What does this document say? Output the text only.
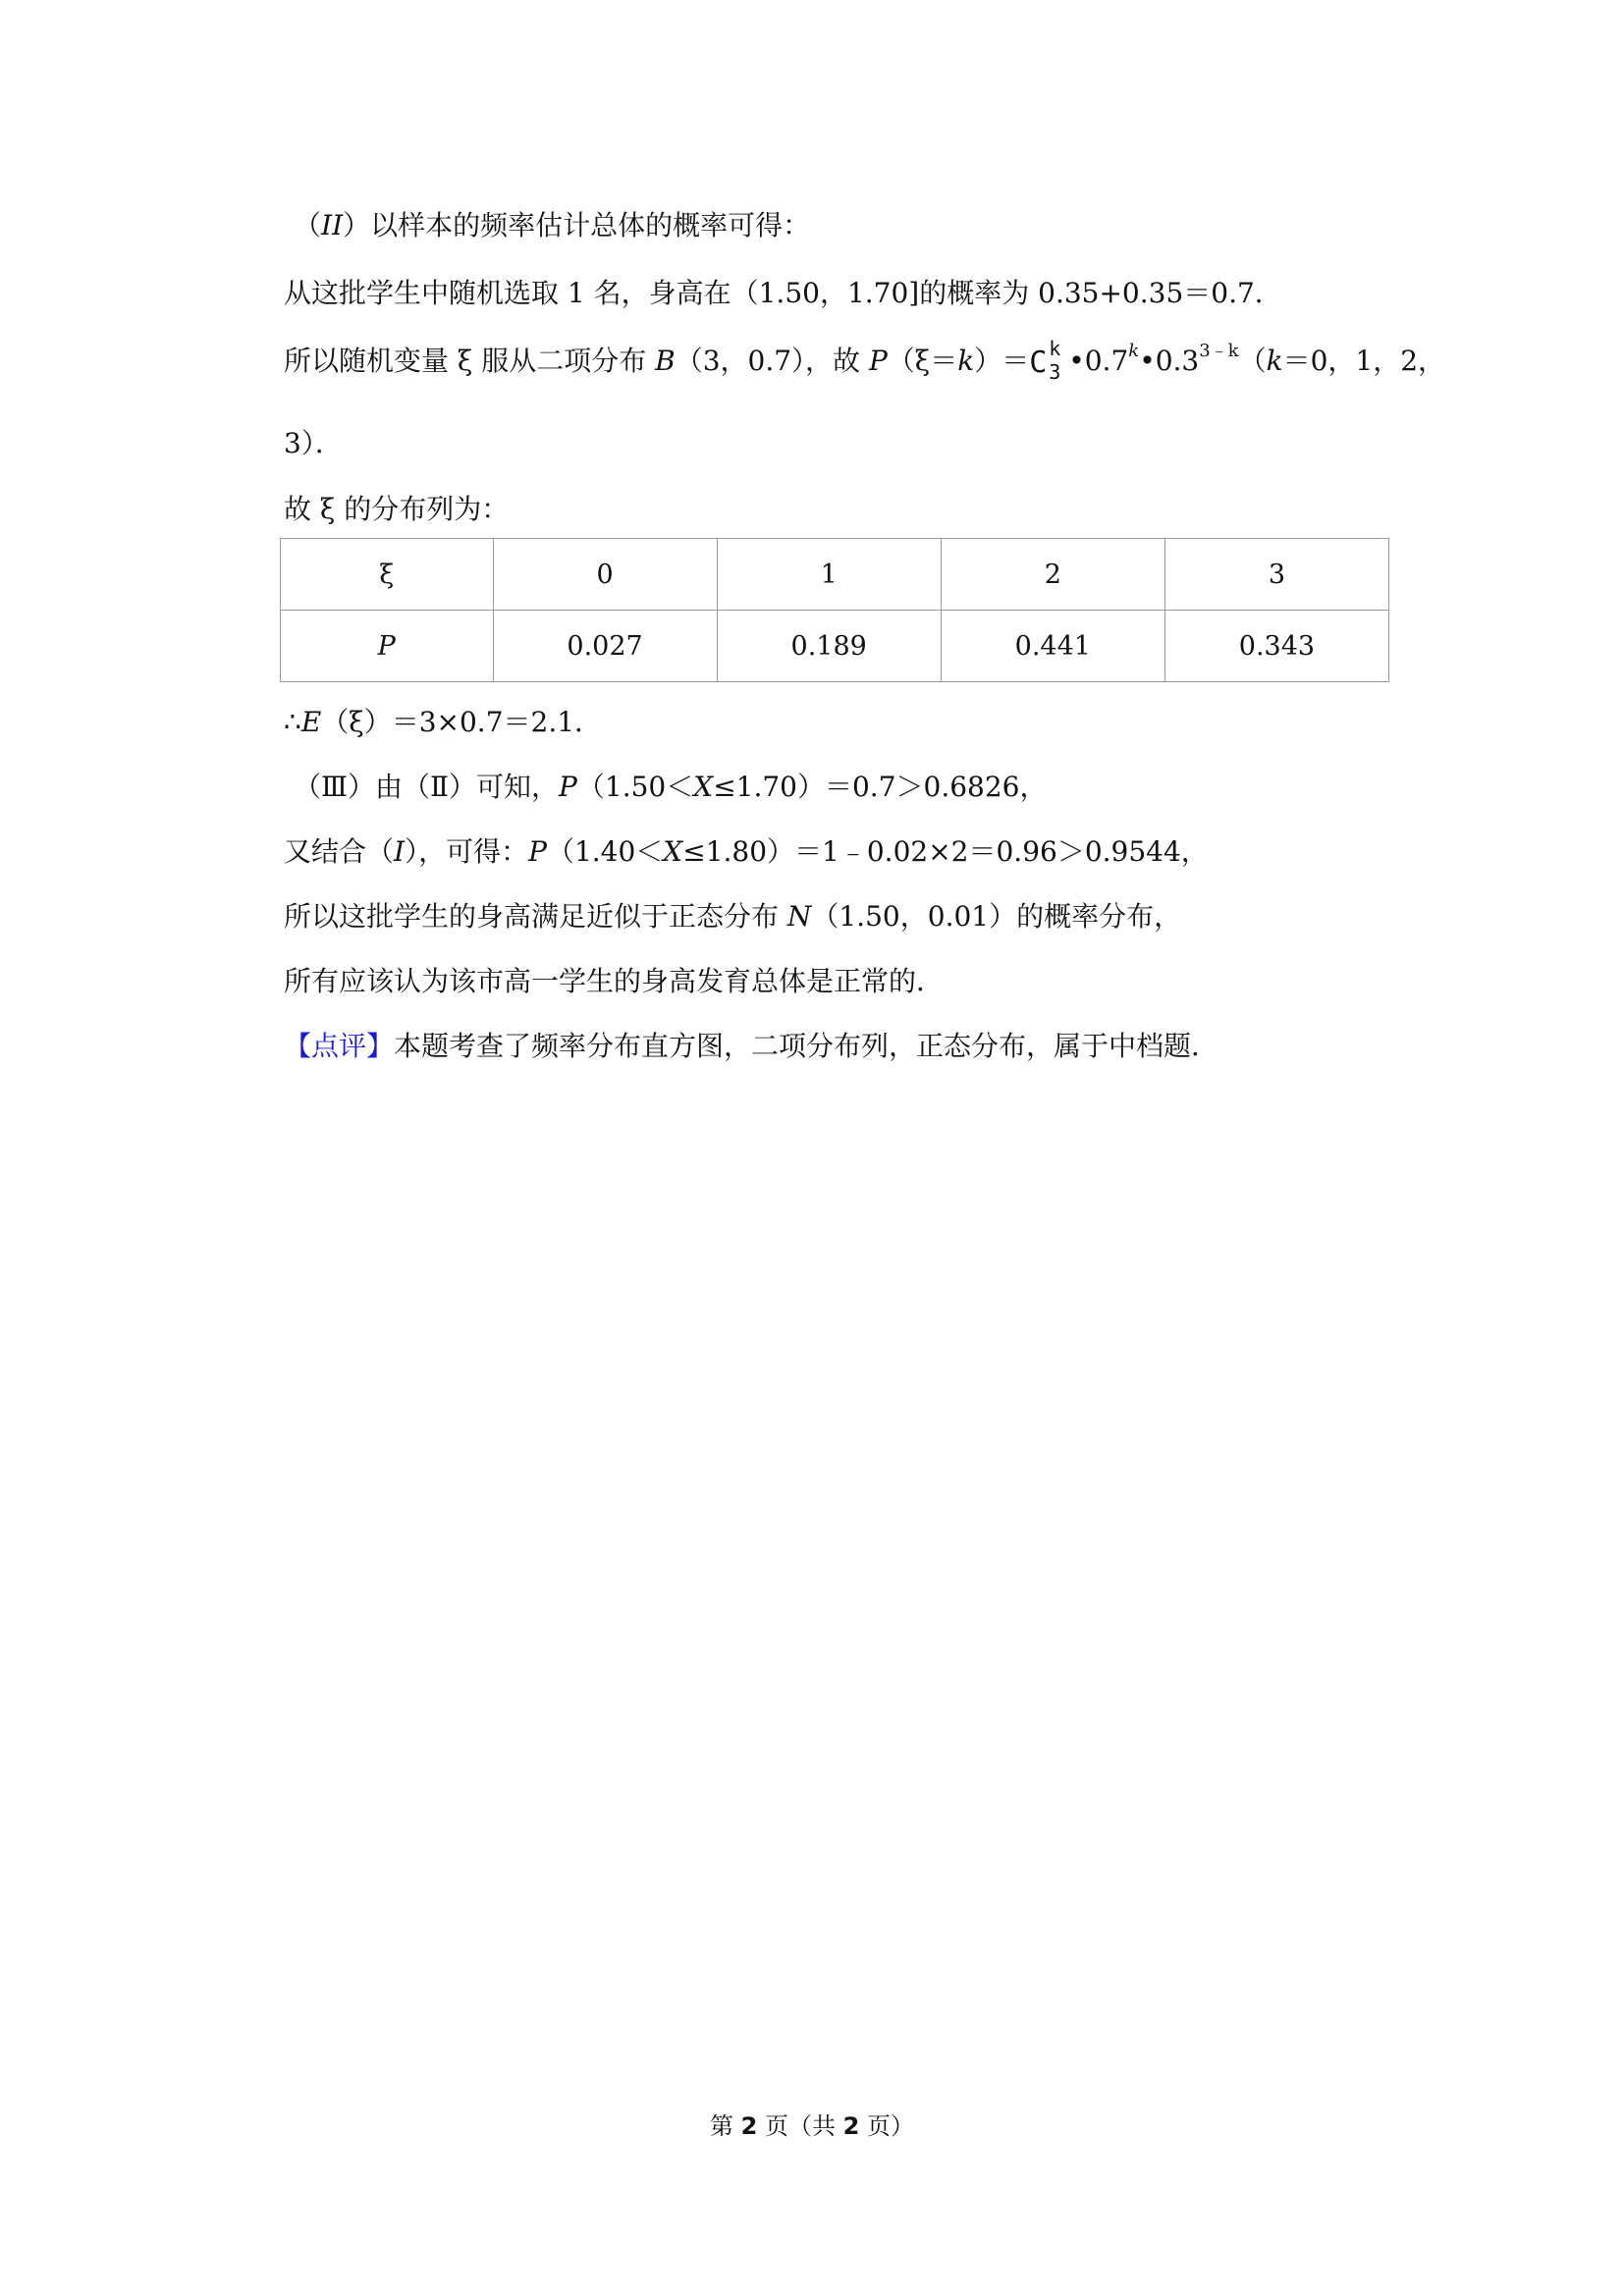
（II）以样本的频率估计总体的概率可得：
从这批学生中随机选取 1 名，身高在（1.50，1.70]的概率为 0.35+0.35＝0.7．
所以随机变量 ξ 服从二项分布 B（3，0.7），故 P（ξ＝k）＝ C k
3 $•0.7^k•0.3^{3﹣k}(k=0$，1，2，
3）．
故 ξ 的分布列为：
ξ	0	1	2	3
P	0.027	0.189	0.441	0.343
∴E（ξ）＝3×0.7＝2.1．
（Ⅲ）由（Ⅱ）可知，P（1.50＜X≤1.70）＝0.7＞0.6826，
又结合（I），可得：P（1.40＜X≤1.80）＝1﹣0.02×2＝0.96＞0.9544，
所以这批学生的身高满足近似于正态分布 N（1.50，0.01）的概率分布，
所有应该认为该市高一学生的身高发育总体是正常的．
【点评】本题考查了频率分布直方图，二项分布列，正态分布，属于中档题．
第 2 页（共 2 页）
